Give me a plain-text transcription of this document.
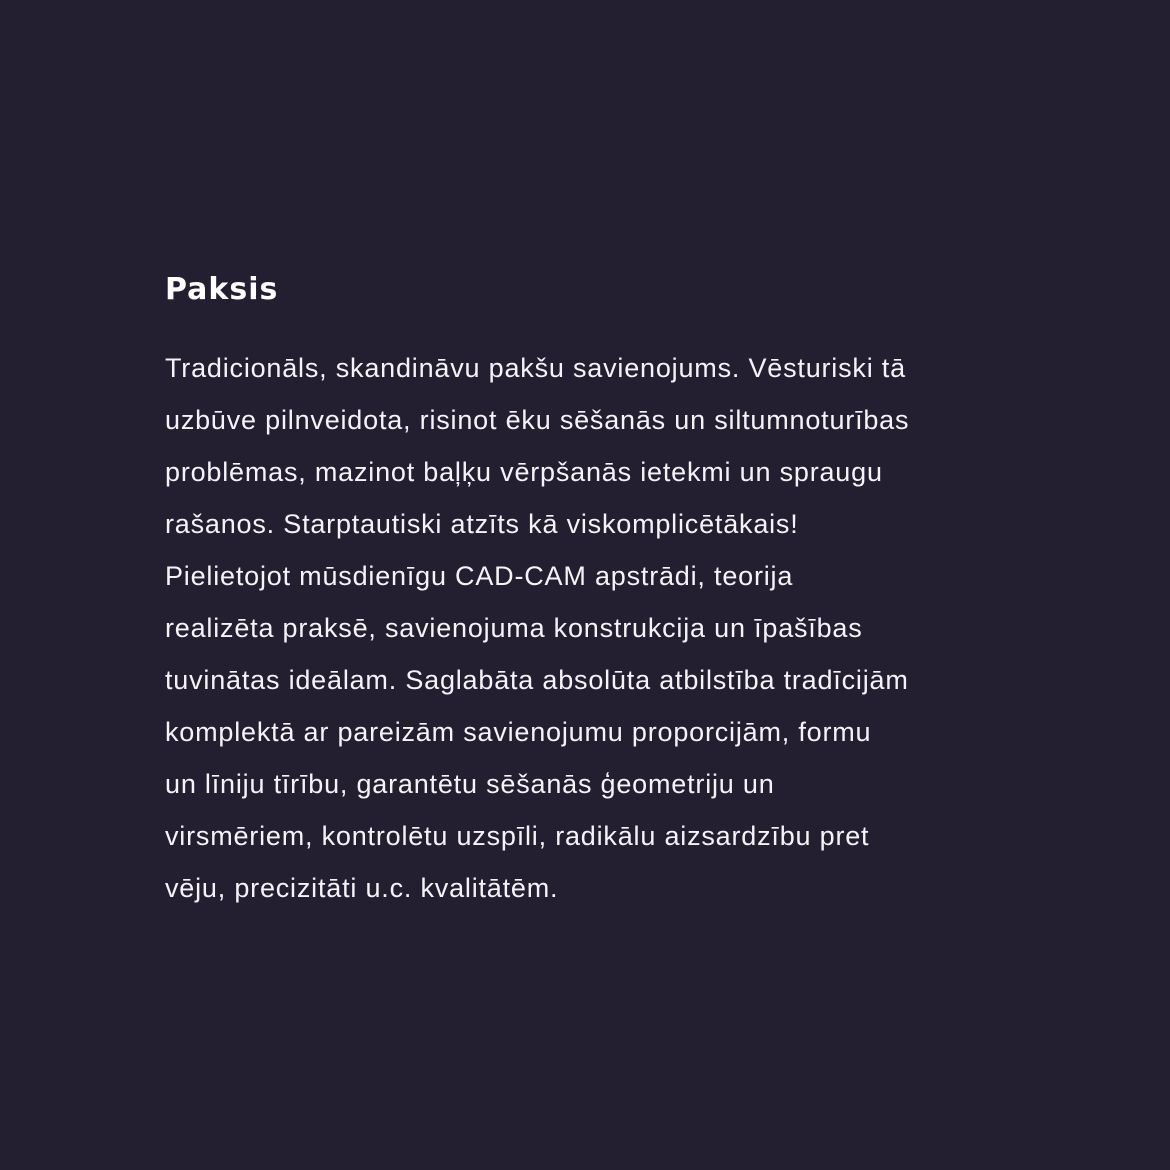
Paksis
Tradicionāls, skandināvu pakšu savienojums. Vēsturiski tā
uzbūve pilnveidota, risinot ēku sēšanās un siltumnoturības
problēmas, mazinot baļķu vērpšanās ietekmi un spraugu
rašanos. Starptautiski atzīts kā viskomplicētākais!
Pielietojot mūsdienīgu CAD-CAM apstrādi, teorija
realizēta praksē, savienojuma konstrukcija un īpašības
tuvinātas ideālam. Saglabāta absolūta atbilstība tradīcijām
komplektā ar pareizām savienojumu proporcijām, formu
un līniju tīrību, garantētu sēšanās ģeometriju un
virsmēriem, kontrolētu uzspīli, radikālu aizsardzību pret
vēju, precizitāti u.c. kvalitātēm.
